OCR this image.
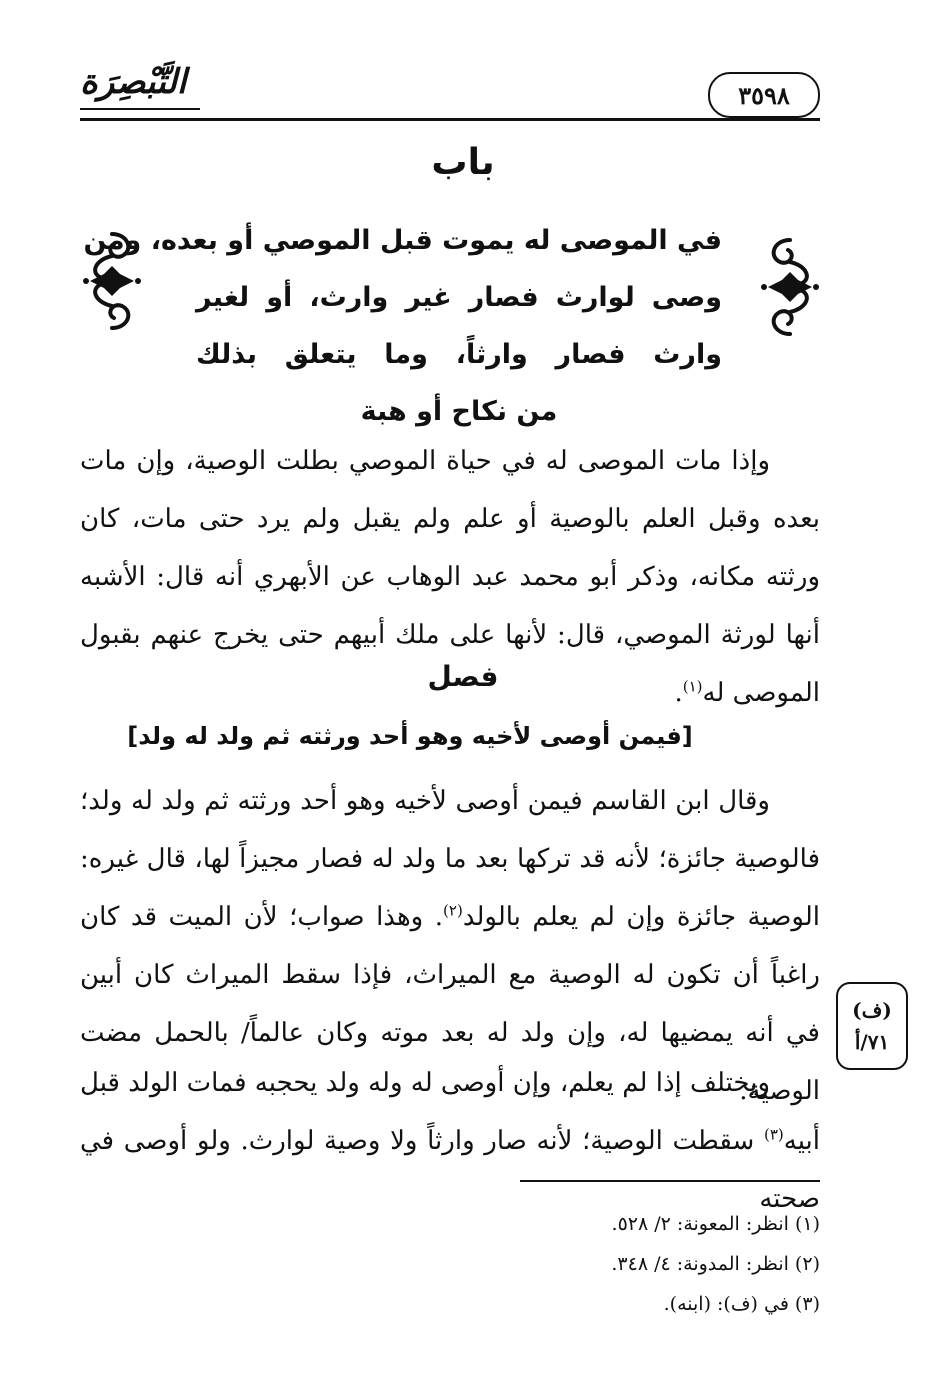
التَّبْصِرَة	٣٥٩٨
باب
في الموصى له يموت قبل الموصي أو بعده، ومن
وصى لوارث فصار غير وارث، أو لغير
وارث فصار وارثاً، وما يتعلق بذلك
من نكاح أو هبة

وإذا مات الموصى له في حياة الموصي بطلت الوصية، وإن مات بعده وقبل العلم بالوصية أو علم ولم يقبل ولم يرد حتى مات، كان ورثته مكانه، وذكر أبو محمد عبد الوهاب عن الأبهري أنه قال: الأشبه أنها لورثة الموصي، قال: لأنها على ملك أبيهم حتى يخرج عنهم بقبول الموصى له$^{(١)}$.

فصل
[فيمن أوصى لأخيه وهو أحد ورثته ثم ولد له ولد]

وقال ابن القاسم فيمن أوصى لأخيه وهو أحد ورثته ثم ولد له ولد؛ فالوصية جائزة؛ لأنه قد تركها بعد ما ولد له فصار مجيزاً لها، قال غيره: الوصية جائزة وإن لم يعلم بالولد$^{(٢)}$. وهذا صواب؛ لأن الميت قد كان راغباً أن تكون له الوصية مع الميراث، فإذا سقط الميراث كان أبين في أنه يمضيها له، وإن ولد له بعد موته وكان عالماً/ بالحمل مضت الوصية.

(ف)
٧١/أ

ويختلف إذا لم يعلم، وإن أوصى له وله ولد يحجبه فمات الولد قبل أبيه$^{(٣)}$ سقطت الوصية؛ لأنه صار وارثاً ولا وصية لوارث. ولو أوصى في صحته

(١) انظر: المعونة: ٢/ ٥٢٨.
(٢) انظر: المدونة: ٤/ ٣٤٨.
(٣) في (ف): (ابنه).
